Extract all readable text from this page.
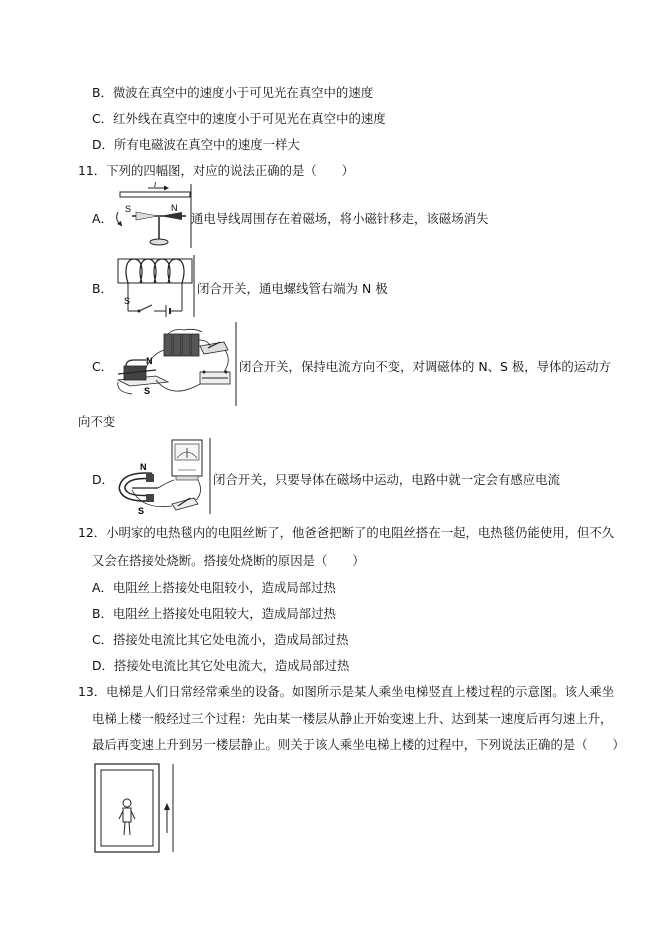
B．微波在真空中的速度小于可见光在真空中的速度
C．红外线在真空中的速度小于可见光在真空中的速度
D．所有电磁波在真空中的速度一样大
11．下列的四幅图，对应的说法正确的是（　　）
A．
I
S	N
通电导线周围存在着磁场，将小磁针移走，该磁场消失
B．
S
闭合开关，通电螺线管右端为 N 极
C．	N
S
闭合开关，保持电流方向不变，对调磁体的 N、S 极，导体的运动方
向不变
D．
N
S
闭合开关，只要导体在磁场中运动，电路中就一定会有感应电流
12．小明家的电热毯内的电阻丝断了，他爸爸把断了的电阻丝搭在一起，电热毯仍能使用，但不久
又会在搭接处烧断。搭接处烧断的原因是（　　）
A．电阻丝上搭接处电阻较小，造成局部过热
B．电阻丝上搭接处电阻较大，造成局部过热
C．搭接处电流比其它处电流小，造成局部过热
D．搭接处电流比其它处电流大，造成局部过热
13．电梯是人们日常经常乘坐的设备。如图所示是某人乘坐电梯竖直上楼过程的示意图。该人乘坐
电梯上楼一般经过三个过程：先由某一楼层从静止开始变速上升、达到某一速度后再匀速上升，
最后再变速上升到另一楼层静止。则关于该人乘坐电梯上楼的过程中，下列说法正确的是（　　）
